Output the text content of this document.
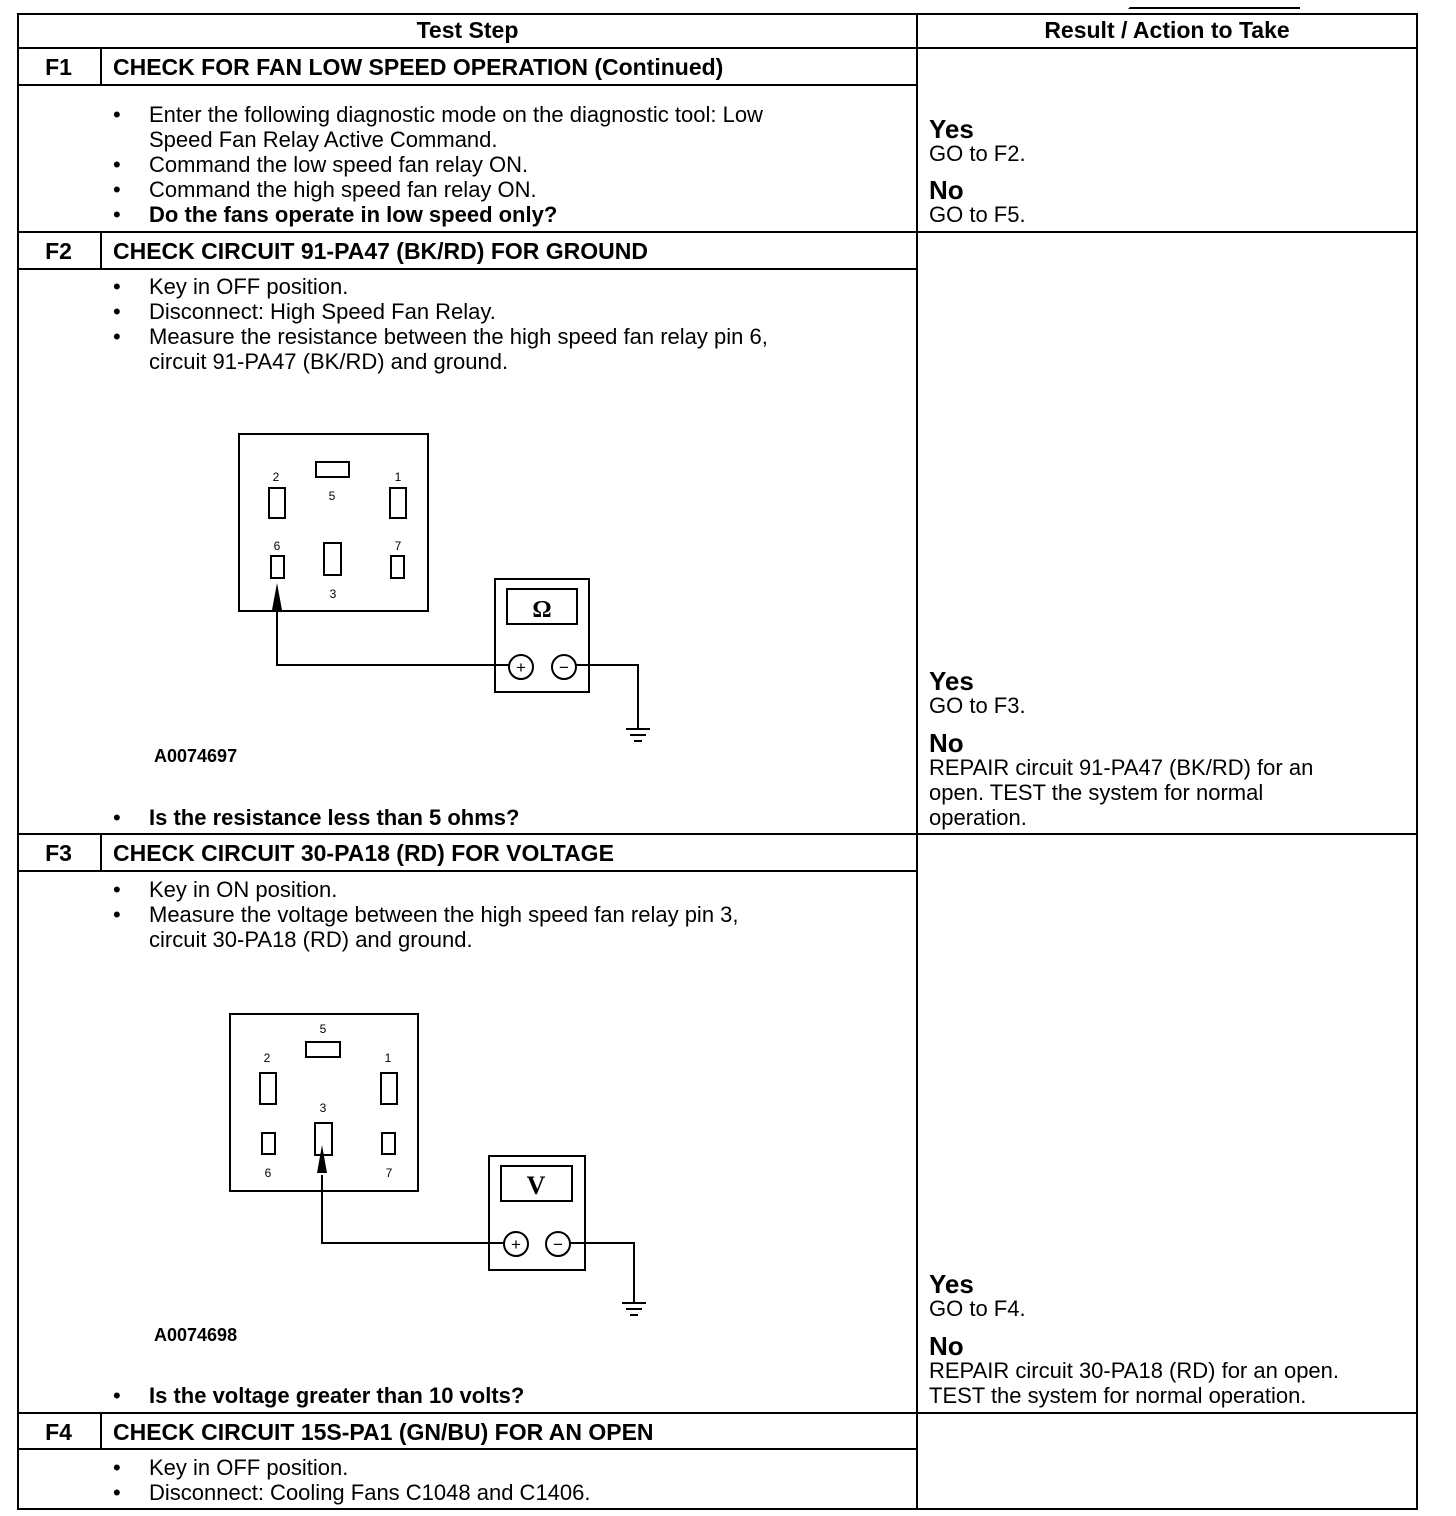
Test Step	Result / Action to Take
F1	CHECK FOR FAN LOW SPEED OPERATION (Continued)
• Enter the following diagnostic mode on the diagnostic tool: Low
Speed Fan Relay Active Command.
• Command the low speed fan relay ON.
• Command the high speed fan relay ON.
• Do the fans operate in low speed only?
Yes
GO to F2.
No
GO to F5.
F2	CHECK CIRCUIT 91-PA47 (BK/RD) FOR GROUND
• Key in OFF position.
• Disconnect: High Speed Fan Relay.
• Measure the resistance between the high speed fan relay pin 6,
circuit 91-PA47 (BK/RD) and ground.
2
5
1
6
3
7
Ω
+ −
A0074697
• Is the resistance less than 5 ohms?
Yes
GO to F3.
No
REPAIR circuit 91-PA47 (BK/RD) for an
open. TEST the system for normal
operation.
F3	CHECK CIRCUIT 30-PA18 (RD) FOR VOLTAGE
• Key in ON position.
• Measure the voltage between the high speed fan relay pin 3,
circuit 30-PA18 (RD) and ground.
5
2	1
3
6	7	V
+ −
A0074698
• Is the voltage greater than 10 volts?
Yes
GO to F4.
No
REPAIR circuit 30-PA18 (RD) for an open.
TEST the system for normal operation.
F4	CHECK CIRCUIT 15S-PA1 (GN/BU) FOR AN OPEN
• Key in OFF position.
• Disconnect: Cooling Fans C1048 and C1406.
